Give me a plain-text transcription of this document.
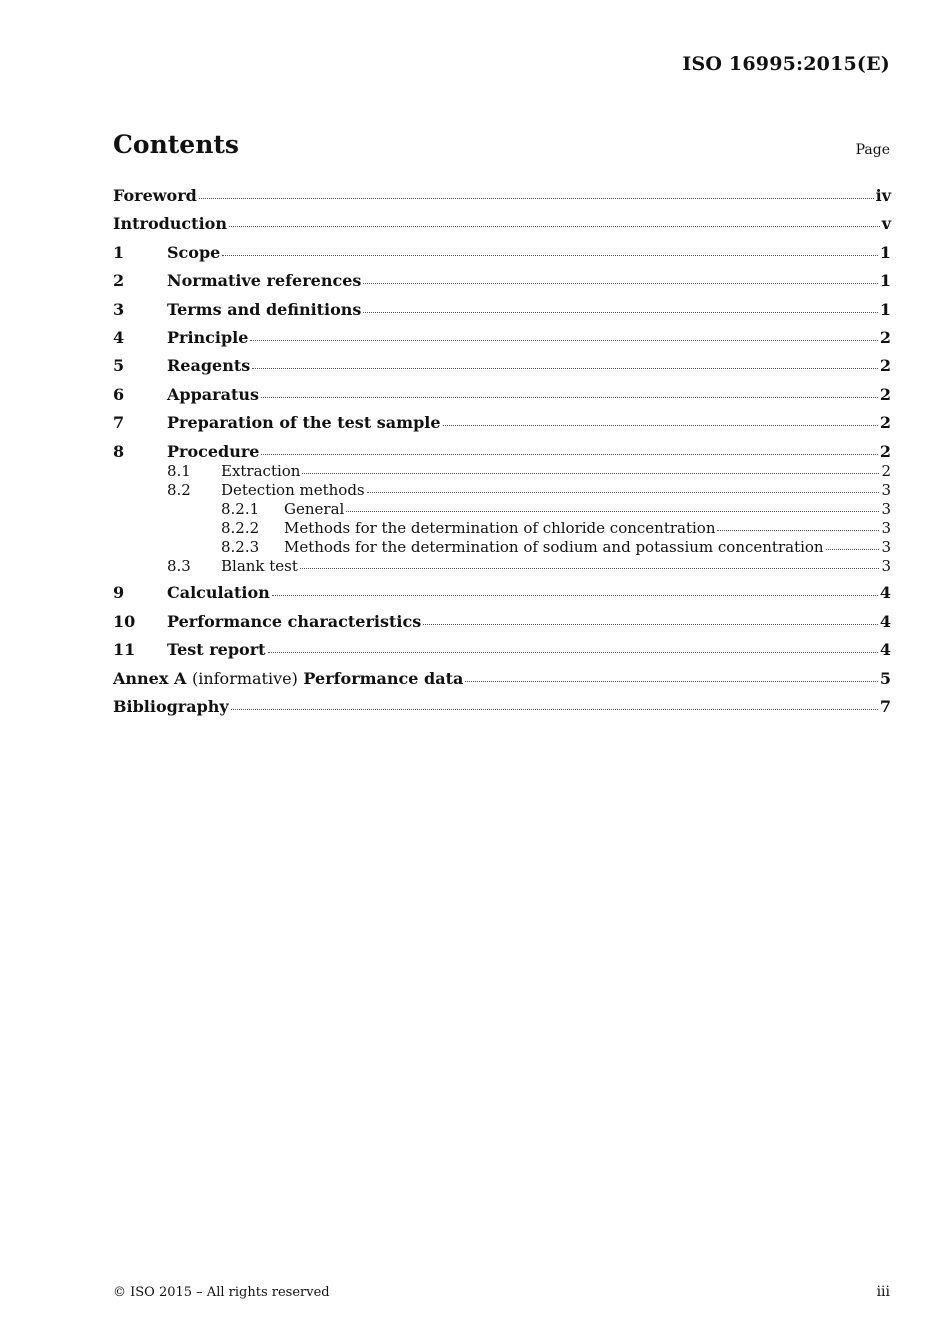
ISO 16995:2015(E)
Contents	Page
Foreword	iv
Introduction	v
1	Scope	1
2	Normative references	1
3	Terms and definitions	1
4	Principle	2
5	Reagents	2
6	Apparatus	2
7	Preparation of the test sample	2
8	Procedure	2
8.1	Extraction	2
8.2	Detection methods	3
8.2.1	General	3
8.2.2	Methods for the determination of chloride concentration	3
8.2.3	Methods for the determination of sodium and potassium concentration	3
8.3	Blank test	3
9	Calculation	4
10	Performance characteristics	4
11	Test report	4
Annex A (informative) Performance data	5
Bibliography	7
© ISO 2015 – All rights reserved	iii
